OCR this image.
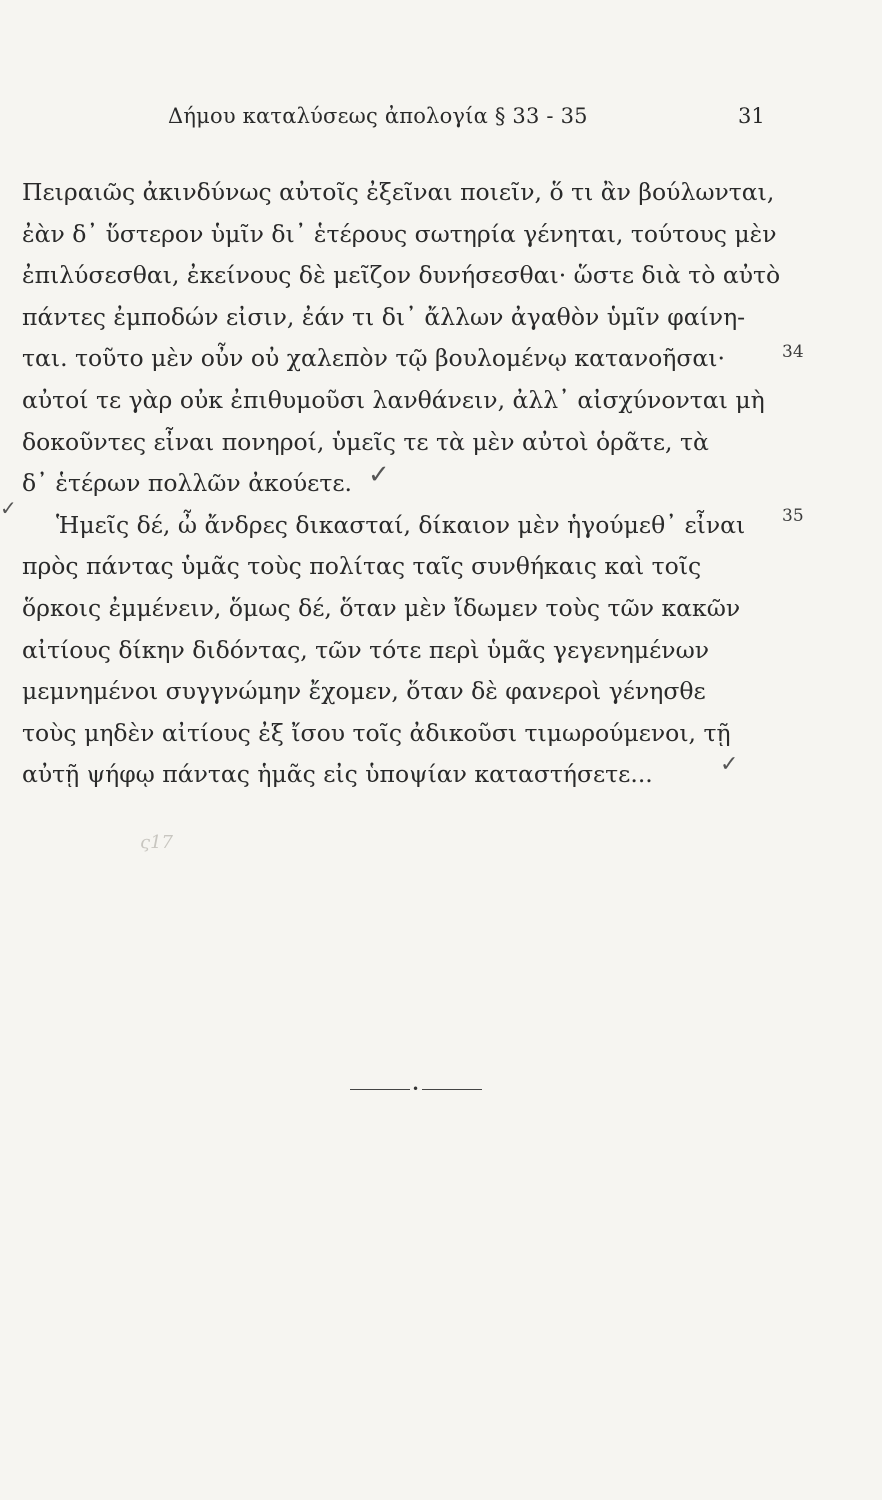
Δήμου καταλύσεως ἀπολογία § 33 - 35	31
Πειραιῶς ἀκινδύνως αὐτοῖς ἐξεῖναι ποιεῖν, ὅ τι ἂν βούλωνται,
ἐὰν δ᾽ ὕστερον ὑμῖν δι᾽ ἑτέρους σωτηρία γένηται, τούτους μὲν
ἐπιλύσεσθαι, ἐκείνους δὲ μεῖζον δυνήσεσθαι· ὥστε διὰ τὸ αὐτὸ
πάντες ἐμποδών εἰσιν, ἐάν τι δι᾽ ἄλλων ἀγαθὸν ὑμῖν φαίνη-
ται. τοῦτο μὲν οὖν οὐ χαλεπὸν τῷ βουλομένῳ κατανοῆσαι·
αὐτοί τε γὰρ οὐκ ἐπιθυμοῦσι λανθάνειν, ἀλλ᾽ αἰσχύνονται μὴ
δοκοῦντες εἶναι πονηροί, ὑμεῖς τε τὰ μὲν αὐτοὶ ὁρᾶτε, τὰ
δ᾽ ἑτέρων πολλῶν ἀκούετε.
Ἡμεῖς δέ, ὦ ἄνδρες δικασταί, δίκαιον μὲν ἡγούμεθ᾽ εἶναι
πρὸς πάντας ὑμᾶς τοὺς πολίτας ταῖς συνθήκαις καὶ τοῖς
ὅρκοις ἐμμένειν, ὅμως δέ, ὅταν μὲν ἴδωμεν τοὺς τῶν κακῶν
αἰτίους δίκην διδόντας, τῶν τότε περὶ ὑμᾶς γεγενημένων
μεμνημένοι συγγνώμην ἔχομεν, ὅταν δὲ φανεροὶ γένησθε
τοὺς μηδὲν αἰτίους ἐξ ἴσου τοῖς ἀδικοῦσι τιμωρούμενοι, τῇ
αὐτῇ ψήφῳ πάντας ἡμᾶς εἰς ὑποψίαν καταστήσετε...
34
35
✓
✓
✓
ς17
•
